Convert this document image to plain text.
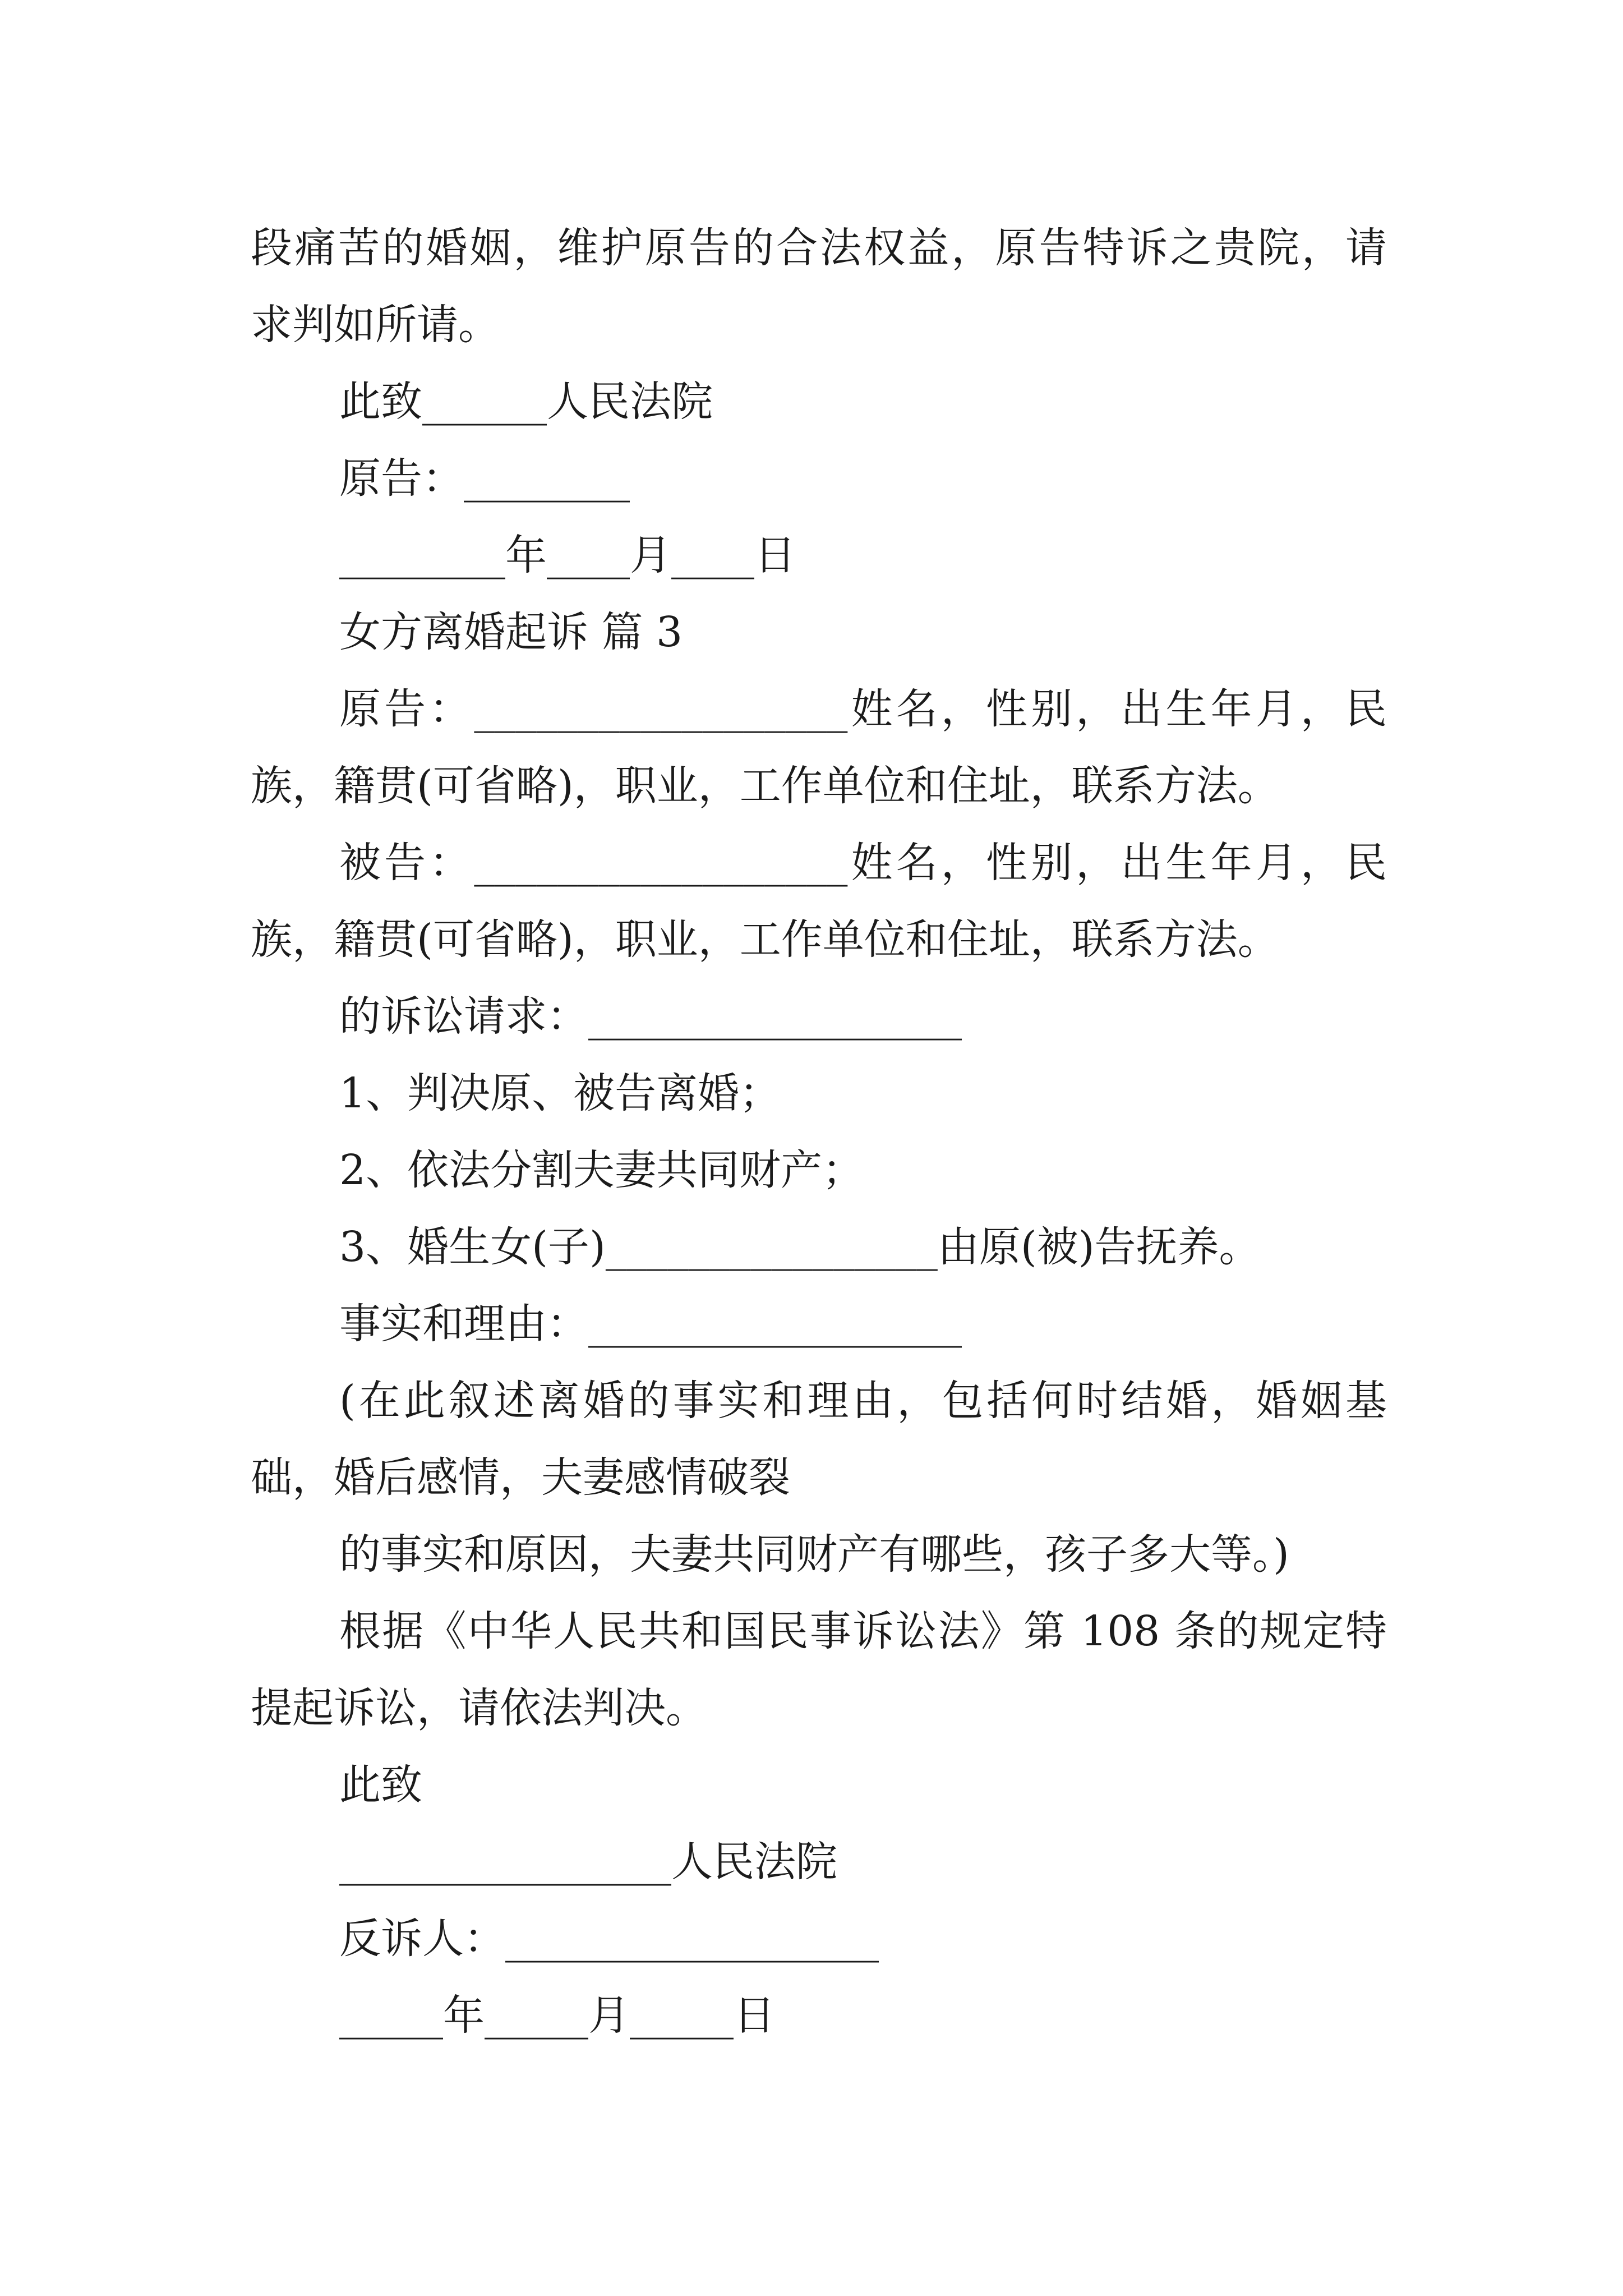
段痛苦的婚姻，维护原告的合法权益，原告特诉之贵院，请
求判如所请。
此致______人民法院
原告：________
________年____月____日
女方离婚起诉 篇 3
原告：__________________姓名，性别，出生年月，民
族，籍贯(可省略)，职业，工作单位和住址，联系方法。
被告：__________________姓名，性别，出生年月，民
族，籍贯(可省略)，职业，工作单位和住址，联系方法。
的诉讼请求：__________________
1、判决原、被告离婚；
2、依法分割夫妻共同财产；
3、婚生女(子)________________由原(被)告抚养。
事实和理由：__________________
(在此叙述离婚的事实和理由，包括何时结婚，婚姻基
础，婚后感情，夫妻感情破裂
的事实和原因，夫妻共同财产有哪些，孩子多大等。)
根据《中华人民共和国民事诉讼法》第 108 条的规定特
提起诉讼，请依法判决。
此致
________________人民法院
反诉人：__________________
_____年_____月_____日
